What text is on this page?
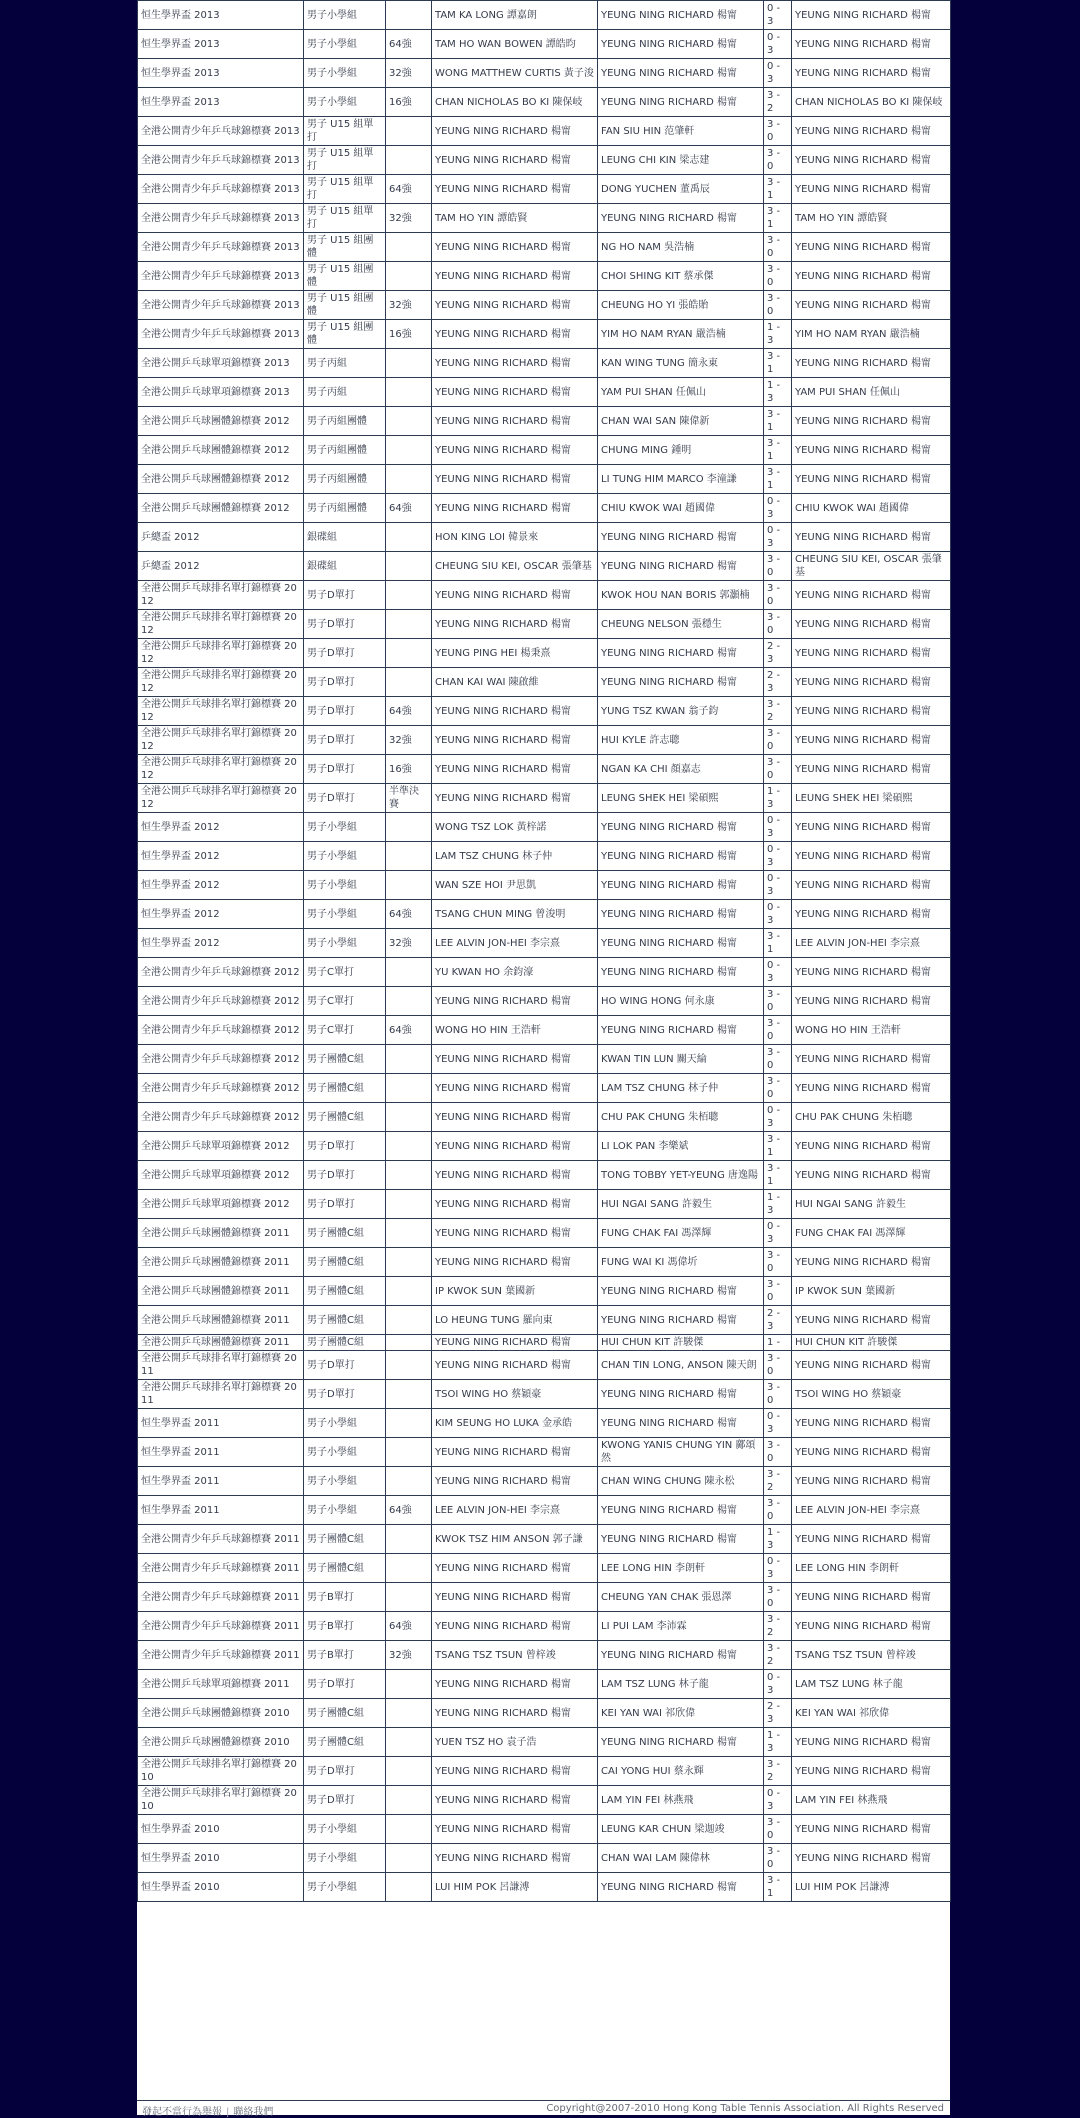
恒生學界盃 2013	男子小學組		TAM KA LONG 譚嘉朗	YEUNG NING RICHARD 楊甯	0 - 3	YEUNG NING RICHARD 楊甯
恒生學界盃 2013	男子小學組	64強	TAM HO WAN BOWEN 譚皓昀	YEUNG NING RICHARD 楊甯	0 - 3	YEUNG NING RICHARD 楊甯
恒生學界盃 2013	男子小學組	32強	WONG MATTHEW CURTIS 黃子浚	YEUNG NING RICHARD 楊甯	0 - 3	YEUNG NING RICHARD 楊甯
恒生學界盃 2013	男子小學組	16強	CHAN NICHOLAS BO KI 陳保岐	YEUNG NING RICHARD 楊甯	3 - 2	CHAN NICHOLAS BO KI 陳保岐
全港公開青少年乒乓球錦標賽 2013	男子 U15 組單打		YEUNG NING RICHARD 楊甯	FAN SIU HIN 范肇軒	3 - 0	YEUNG NING RICHARD 楊甯
全港公開青少年乒乓球錦標賽 2013	男子 U15 組單打		YEUNG NING RICHARD 楊甯	LEUNG CHI KIN 梁志建	3 - 0	YEUNG NING RICHARD 楊甯
全港公開青少年乒乓球錦標賽 2013	男子 U15 組單打	64強	YEUNG NING RICHARD 楊甯	DONG YUCHEN 董禹辰	3 - 1	YEUNG NING RICHARD 楊甯
全港公開青少年乒乓球錦標賽 2013	男子 U15 組單打	32強	TAM HO YIN 譚皓賢	YEUNG NING RICHARD 楊甯	3 - 1	TAM HO YIN 譚皓賢
全港公開青少年乒乓球錦標賽 2013	男子 U15 組團體		YEUNG NING RICHARD 楊甯	NG HO NAM 吳浩楠	3 - 0	YEUNG NING RICHARD 楊甯
全港公開青少年乒乓球錦標賽 2013	男子 U15 組團體		YEUNG NING RICHARD 楊甯	CHOI SHING KIT 蔡承傑	3 - 0	YEUNG NING RICHARD 楊甯
全港公開青少年乒乓球錦標賽 2013	男子 U15 組團體	32強	YEUNG NING RICHARD 楊甯	CHEUNG HO YI 張皓貽	3 - 0	YEUNG NING RICHARD 楊甯
全港公開青少年乒乓球錦標賽 2013	男子 U15 組團體	16強	YEUNG NING RICHARD 楊甯	YIM HO NAM RYAN 嚴浩楠	1 - 3	YIM HO NAM RYAN 嚴浩楠
全港公開乒乓球單項錦標賽 2013	男子丙組		YEUNG NING RICHARD 楊甯	KAN WING TUNG 簡永東	3 - 1	YEUNG NING RICHARD 楊甯
全港公開乒乓球單項錦標賽 2013	男子丙組		YEUNG NING RICHARD 楊甯	YAM PUI SHAN 任佩山	1 - 3	YAM PUI SHAN 任佩山
全港公開乒乓球團體錦標賽 2012	男子丙組團體		YEUNG NING RICHARD 楊甯	CHAN WAI SAN 陳偉新	3 - 1	YEUNG NING RICHARD 楊甯
全港公開乒乓球團體錦標賽 2012	男子丙組團體		YEUNG NING RICHARD 楊甯	CHUNG MING 鍾明	3 - 1	YEUNG NING RICHARD 楊甯
全港公開乒乓球團體錦標賽 2012	男子丙組團體		YEUNG NING RICHARD 楊甯	LI TUNG HIM MARCO 李潼謙	3 - 1	YEUNG NING RICHARD 楊甯
全港公開乒乓球團體錦標賽 2012	男子丙組團體	64強	YEUNG NING RICHARD 楊甯	CHIU KWOK WAI 趙國偉	0 - 3	CHIU KWOK WAI 趙國偉
乒總盃 2012	銀碟組		HON KING LOI 韓景來	YEUNG NING RICHARD 楊甯	0 - 3	YEUNG NING RICHARD 楊甯
乒總盃 2012	銀碟組		CHEUNG SIU KEI, OSCAR 張肇基	YEUNG NING RICHARD 楊甯	3 - 0	CHEUNG SIU KEI, OSCAR 張肇基
全港公開乒乓球排名單打錦標賽 2012	男子D單打		YEUNG NING RICHARD 楊甯	KWOK HOU NAN BORIS 郭灝楠	3 - 0	YEUNG NING RICHARD 楊甯
全港公開乒乓球排名單打錦標賽 2012	男子D單打		YEUNG NING RICHARD 楊甯	CHEUNG NELSON 張穩生	3 - 0	YEUNG NING RICHARD 楊甯
全港公開乒乓球排名單打錦標賽 2012	男子D單打		YEUNG PING HEI 楊秉熹	YEUNG NING RICHARD 楊甯	2 - 3	YEUNG NING RICHARD 楊甯
全港公開乒乓球排名單打錦標賽 2012	男子D單打		CHAN KAI WAI 陳啟維	YEUNG NING RICHARD 楊甯	2 - 3	YEUNG NING RICHARD 楊甯
全港公開乒乓球排名單打錦標賽 2012	男子D單打	64強	YEUNG NING RICHARD 楊甯	YUNG TSZ KWAN 翁子鈞	3 - 2	YEUNG NING RICHARD 楊甯
全港公開乒乓球排名單打錦標賽 2012	男子D單打	32強	YEUNG NING RICHARD 楊甯	HUI KYLE 許志聰	3 - 0	YEUNG NING RICHARD 楊甯
全港公開乒乓球排名單打錦標賽 2012	男子D單打	16強	YEUNG NING RICHARD 楊甯	NGAN KA CHI 顏嘉志	3 - 0	YEUNG NING RICHARD 楊甯
全港公開乒乓球排名單打錦標賽 2012	男子D單打	半準決賽	YEUNG NING RICHARD 楊甯	LEUNG SHEK HEI 梁碩熙	1 - 3	LEUNG SHEK HEI 梁碩熙
恒生學界盃 2012	男子小學組		WONG TSZ LOK 黃梓諾	YEUNG NING RICHARD 楊甯	0 - 3	YEUNG NING RICHARD 楊甯
恒生學界盃 2012	男子小學組		LAM TSZ CHUNG 林子仲	YEUNG NING RICHARD 楊甯	0 - 3	YEUNG NING RICHARD 楊甯
恒生學界盃 2012	男子小學組		WAN SZE HOI 尹思凱	YEUNG NING RICHARD 楊甯	0 - 3	YEUNG NING RICHARD 楊甯
恒生學界盃 2012	男子小學組	64強	TSANG CHUN MING 曾浚明	YEUNG NING RICHARD 楊甯	0 - 3	YEUNG NING RICHARD 楊甯
恒生學界盃 2012	男子小學組	32強	LEE ALVIN JON-HEI 李宗熹	YEUNG NING RICHARD 楊甯	3 - 1	LEE ALVIN JON-HEI 李宗熹
全港公開青少年乒乓球錦標賽 2012	男子C單打		YU KWAN HO 余鈞濠	YEUNG NING RICHARD 楊甯	0 - 3	YEUNG NING RICHARD 楊甯
全港公開青少年乒乓球錦標賽 2012	男子C單打		YEUNG NING RICHARD 楊甯	HO WING HONG 何永康	3 - 0	YEUNG NING RICHARD 楊甯
全港公開青少年乒乓球錦標賽 2012	男子C單打	64強	WONG HO HIN 王浩軒	YEUNG NING RICHARD 楊甯	3 - 0	WONG HO HIN 王浩軒
全港公開青少年乒乓球錦標賽 2012	男子團體C組		YEUNG NING RICHARD 楊甯	KWAN TIN LUN 關天綸	3 - 0	YEUNG NING RICHARD 楊甯
全港公開青少年乒乓球錦標賽 2012	男子團體C組		YEUNG NING RICHARD 楊甯	LAM TSZ CHUNG 林子仲	3 - 0	YEUNG NING RICHARD 楊甯
全港公開青少年乒乓球錦標賽 2012	男子團體C組		YEUNG NING RICHARD 楊甯	CHU PAK CHUNG 朱栢聰	0 - 3	CHU PAK CHUNG 朱栢聰
全港公開乒乓球單項錦標賽 2012	男子D單打		YEUNG NING RICHARD 楊甯	LI LOK PAN 李樂斌	3 - 1	YEUNG NING RICHARD 楊甯
全港公開乒乓球單項錦標賽 2012	男子D單打		YEUNG NING RICHARD 楊甯	TONG TOBBY YET-YEUNG 唐逸陽	3 - 1	YEUNG NING RICHARD 楊甯
全港公開乒乓球單項錦標賽 2012	男子D單打		YEUNG NING RICHARD 楊甯	HUI NGAI SANG 許毅生	1 - 3	HUI NGAI SANG 許毅生
全港公開乒乓球團體錦標賽 2011	男子團體C組		YEUNG NING RICHARD 楊甯	FUNG CHAK FAI 馮澤輝	0 - 3	FUNG CHAK FAI 馮澤輝
全港公開乒乓球團體錦標賽 2011	男子團體C組		YEUNG NING RICHARD 楊甯	FUNG WAI KI 馮偉圻	3 - 0	YEUNG NING RICHARD 楊甯
全港公開乒乓球團體錦標賽 2011	男子團體C組		IP KWOK SUN 葉國新	YEUNG NING RICHARD 楊甯	3 - 0	IP KWOK SUN 葉國新
全港公開乒乓球團體錦標賽 2011	男子團體C組		LO HEUNG TUNG 羅向東	YEUNG NING RICHARD 楊甯	2 - 3	YEUNG NING RICHARD 楊甯
全港公開乒乓球團體錦標賽 2011	男子團體C組		YEUNG NING RICHARD 楊甯	HUI CHUN KIT 許駿傑	1 -	HUI CHUN KIT 許駿傑
全港公開乒乓球排名單打錦標賽 2011	男子D單打		YEUNG NING RICHARD 楊甯	CHAN TIN LONG, ANSON 陳天朗	3 - 0	YEUNG NING RICHARD 楊甯
全港公開乒乓球排名單打錦標賽 2011	男子D單打		TSOI WING HO 蔡穎豪	YEUNG NING RICHARD 楊甯	3 - 0	TSOI WING HO 蔡穎豪
恒生學界盃 2011	男子小學組		KIM SEUNG HO LUKA 金承皓	YEUNG NING RICHARD 楊甯	0 - 3	YEUNG NING RICHARD 楊甯
恒生學界盃 2011	男子小學組		YEUNG NING RICHARD 楊甯	KWONG YANIS CHUNG YIN 鄺頌然	3 - 0	YEUNG NING RICHARD 楊甯
恒生學界盃 2011	男子小學組		YEUNG NING RICHARD 楊甯	CHAN WING CHUNG 陳永松	3 - 2	YEUNG NING RICHARD 楊甯
恒生學界盃 2011	男子小學組	64強	LEE ALVIN JON-HEI 李宗熹	YEUNG NING RICHARD 楊甯	3 - 0	LEE ALVIN JON-HEI 李宗熹
全港公開青少年乒乓球錦標賽 2011	男子團體C組		KWOK TSZ HIM ANSON 郭子謙	YEUNG NING RICHARD 楊甯	1 - 3	YEUNG NING RICHARD 楊甯
全港公開青少年乒乓球錦標賽 2011	男子團體C組		YEUNG NING RICHARD 楊甯	LEE LONG HIN 李朗軒	0 - 3	LEE LONG HIN 李朗軒
全港公開青少年乒乓球錦標賽 2011	男子B單打		YEUNG NING RICHARD 楊甯	CHEUNG YAN CHAK 張恩澤	3 - 0	YEUNG NING RICHARD 楊甯
全港公開青少年乒乓球錦標賽 2011	男子B單打	64強	YEUNG NING RICHARD 楊甯	LI PUI LAM 李沛霖	3 - 2	YEUNG NING RICHARD 楊甯
全港公開青少年乒乓球錦標賽 2011	男子B單打	32強	TSANG TSZ TSUN 曾梓竣	YEUNG NING RICHARD 楊甯	3 - 2	TSANG TSZ TSUN 曾梓竣
全港公開乒乓球單項錦標賽 2011	男子D單打		YEUNG NING RICHARD 楊甯	LAM TSZ LUNG 林子龍	0 - 3	LAM TSZ LUNG 林子龍
全港公開乒乓球團體錦標賽 2010	男子團體C組		YEUNG NING RICHARD 楊甯	KEI YAN WAI 祁欣偉	2 - 3	KEI YAN WAI 祁欣偉
全港公開乒乓球團體錦標賽 2010	男子團體C組		YUEN TSZ HO 袁子浩	YEUNG NING RICHARD 楊甯	1 - 3	YEUNG NING RICHARD 楊甯
全港公開乒乓球排名單打錦標賽 2010	男子D單打		YEUNG NING RICHARD 楊甯	CAI YONG HUI 蔡永輝	3 - 2	YEUNG NING RICHARD 楊甯
全港公開乒乓球排名單打錦標賽 2010	男子D單打		YEUNG NING RICHARD 楊甯	LAM YIN FEI 林燕飛	0 - 3	LAM YIN FEI 林燕飛
恒生學界盃 2010	男子小學組		YEUNG NING RICHARD 楊甯	LEUNG KAR CHUN 梁迦竣	3 - 0	YEUNG NING RICHARD 楊甯
恒生學界盃 2010	男子小學組		YEUNG NING RICHARD 楊甯	CHAN WAI LAM 陳偉林	3 - 0	YEUNG NING RICHARD 楊甯
恒生學界盃 2010	男子小學組		LUI HIM POK 呂謙溥	YEUNG NING RICHARD 楊甯	3 - 1	LUI HIM POK 呂謙溥
發起不當行為舉報 | 聯絡我們	Copyright@2007-2010 Hong Kong Table Tennis Association. All Rights Reserved
